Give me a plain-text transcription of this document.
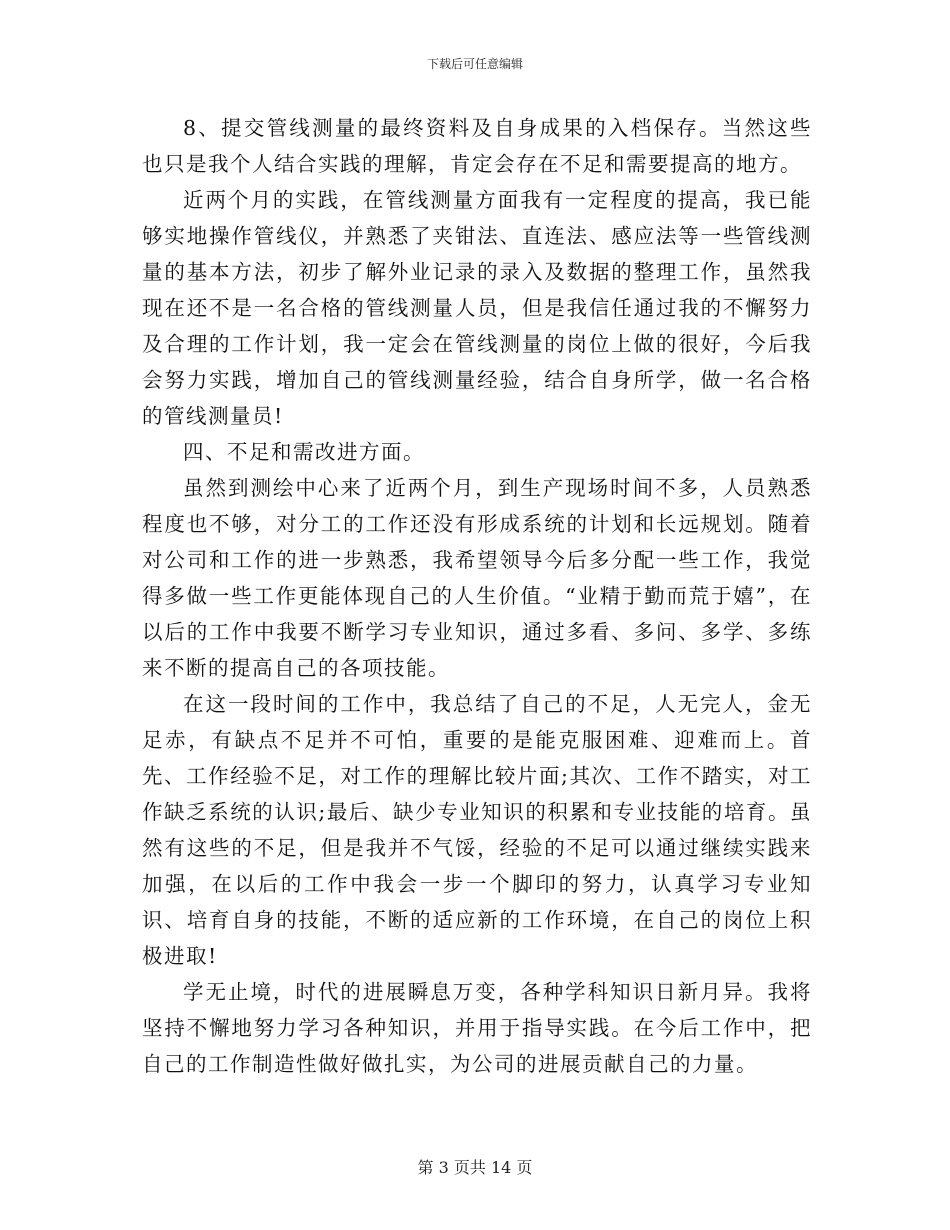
下载后可任意编辑

8、提交管线测量的最终资料及自身成果的入档保存。当然这些也只是我个人结合实践的理解，肯定会存在不足和需要提高的地方。

近两个月的实践，在管线测量方面我有一定程度的提高，我已能够实地操作管线仪，并熟悉了夹钳法、直连法、感应法等一些管线测量的基本方法，初步了解外业记录的录入及数据的整理工作，虽然我现在还不是一名合格的管线测量人员，但是我信任通过我的不懈努力及合理的工作计划，我一定会在管线测量的岗位上做的很好，今后我会努力实践，增加自己的管线测量经验，结合自身所学，做一名合格的管线测量员!

四、不足和需改进方面。

虽然到测绘中心来了近两个月，到生产现场时间不多，人员熟悉程度也不够，对分工的工作还没有形成系统的计划和长远规划。随着对公司和工作的进一步熟悉，我希望领导今后多分配一些工作，我觉得多做一些工作更能体现自己的人生价值。“业精于勤而荒于嬉”，在以后的工作中我要不断学习专业知识，通过多看、多问、多学、多练来不断的提高自己的各项技能。

在这一段时间的工作中，我总结了自己的不足，人无完人，金无足赤，有缺点不足并不可怕，重要的是能克服困难、迎难而上。首先、工作经验不足，对工作的理解比较片面;其次、工作不踏实，对工作缺乏系统的认识;最后、缺少专业知识的积累和专业技能的培育。虽然有这些的不足，但是我并不气馁，经验的不足可以通过继续实践来加强，在以后的工作中我会一步一个脚印的努力，认真学习专业知识、培育自身的技能，不断的适应新的工作环境，在自己的岗位上积极进取!

学无止境，时代的进展瞬息万变，各种学科知识日新月异。我将坚持不懈地努力学习各种知识，并用于指导实践。在今后工作中，把自己的工作制造性做好做扎实，为公司的进展贡献自己的力量。

第 3 页共 14 页
